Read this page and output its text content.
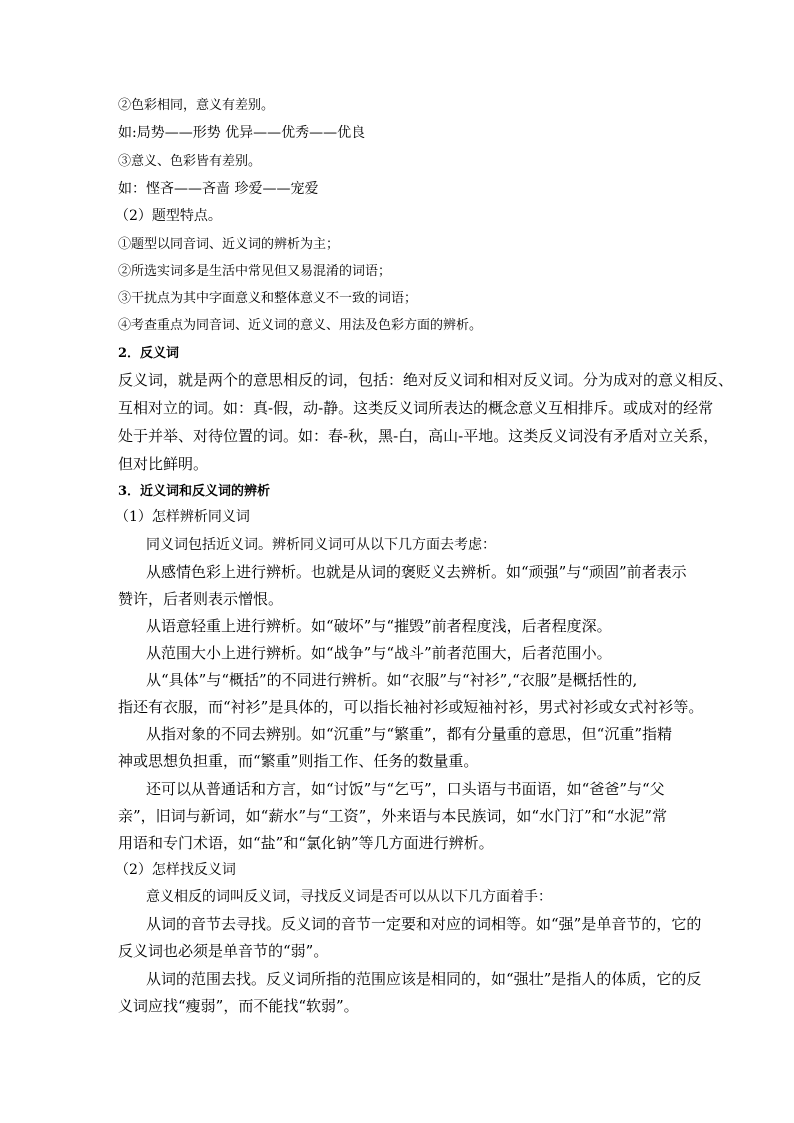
②色彩相同，意义有差别。
如:局势——形势 优异——优秀——优良
③意义、色彩皆有差别。
如：悭吝——吝啬 珍爱——宠爱
（2）题型特点。
①题型以同音词、近义词的辨析为主；
②所选实词多是生活中常见但又易混淆的词语；
③干扰点为其中字面意义和整体意义不一致的词语；
④考查重点为同音词、近义词的意义、用法及色彩方面的辨析。
2．反义词
反义词，就是两个的意思相反的词，包括：绝对反义词和相对反义词。分为成对的意义相反、
互相对立的词。如：真-假，动-静。这类反义词所表达的概念意义互相排斥。或成对的经常
处于并举、对待位置的词。如：春-秋，黑-白，高山-平地。这类反义词没有矛盾对立关系，
但对比鲜明。
3．近义词和反义词的辨析
（1）怎样辨析同义词
同义词包括近义词。辨析同义词可从以下几方面去考虑：
从感情色彩上进行辨析。也就是从词的褒贬义去辨析。如“顽强”与“顽固”前者表示
赞许，后者则表示憎恨。
从语意轻重上进行辨析。如“破坏”与“摧毁”前者程度浅，后者程度深。
从范围大小上进行辨析。如“战争”与“战斗”前者范围大，后者范围小。
从“具体”与“概括”的不同进行辨析。如“衣服”与“衬衫”,“衣服”是概括性的,
指还有衣服，而“衬衫”是具体的，可以指长袖衬衫或短袖衬衫，男式衬衫或女式衬衫等。
从指对象的不同去辨别。如“沉重”与“繁重”，都有分量重的意思，但“沉重”指精
神或思想负担重，而“繁重”则指工作、任务的数量重。
还可以从普通话和方言，如“讨饭”与“乞丐”，口头语与书面语，如“爸爸”与“父
亲”，旧词与新词，如“薪水”与“工资”，外来语与本民族词，如“水门汀”和“水泥”常
用语和专门术语，如“盐”和“氯化钠”等几方面进行辨析。
（2）怎样找反义词
意义相反的词叫反义词，寻找反义词是否可以从以下几方面着手：
从词的音节去寻找。反义词的音节一定要和对应的词相等。如“强”是单音节的，它的
反义词也必须是单音节的“弱”。
从词的范围去找。反义词所指的范围应该是相同的，如“强壮”是指人的体质，它的反
义词应找“瘦弱”，而不能找“软弱”。
